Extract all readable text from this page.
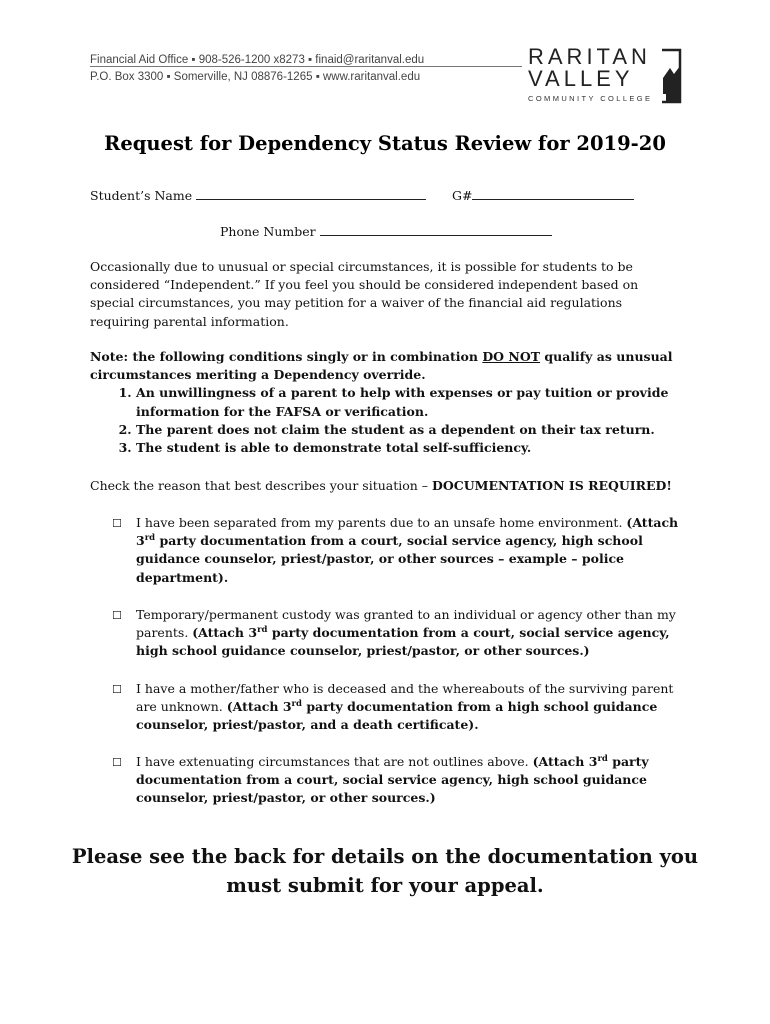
Financial Aid Office ▪ 908-526-1200 x8273 ▪ finaid@raritanval.edu
P.O. Box 3300 ▪ Somerville, NJ 08876-1265 ▪ www.raritanval.edu
RARITAN
VALLEY
COMMUNITY COLLEGE
Request for Dependency Status Review for 2019-20
Student’s Name	G#
Phone Number
Occasionally due to unusual or special circumstances, it is possible for students to be considered “Independent.” If you feel you should be considered independent based on special circumstances, you may petition for a waiver of the financial aid regulations requiring parental information.
Note: the following conditions singly or in combination DO NOT qualify as unusual circumstances meriting a Dependency override.
1. An unwillingness of a parent to help with expenses or pay tuition or provide information for the FAFSA or verification.
2. The parent does not claim the student as a dependent on their tax return.
3. The student is able to demonstrate total self-sufficiency.
Check the reason that best describes your situation – DOCUMENTATION IS REQUIRED!
☐ I have been separated from my parents due to an unsafe home environment. (Attach 3rd party documentation from a court, social service agency, high school guidance counselor, priest/pastor, or other sources – example – police department).
☐ Temporary/permanent custody was granted to an individual or agency other than my parents. (Attach 3rd party documentation from a court, social service agency, high school guidance counselor, priest/pastor, or other sources.)
☐ I have a mother/father who is deceased and the whereabouts of the surviving parent are unknown. (Attach 3rd party documentation from a high school guidance counselor, priest/pastor, and a death certificate).
☐ I have extenuating circumstances that are not outlines above. (Attach 3rd party documentation from a court, social service agency, high school guidance counselor, priest/pastor, or other sources.)
Please see the back for details on the documentation you
must submit for your appeal.
